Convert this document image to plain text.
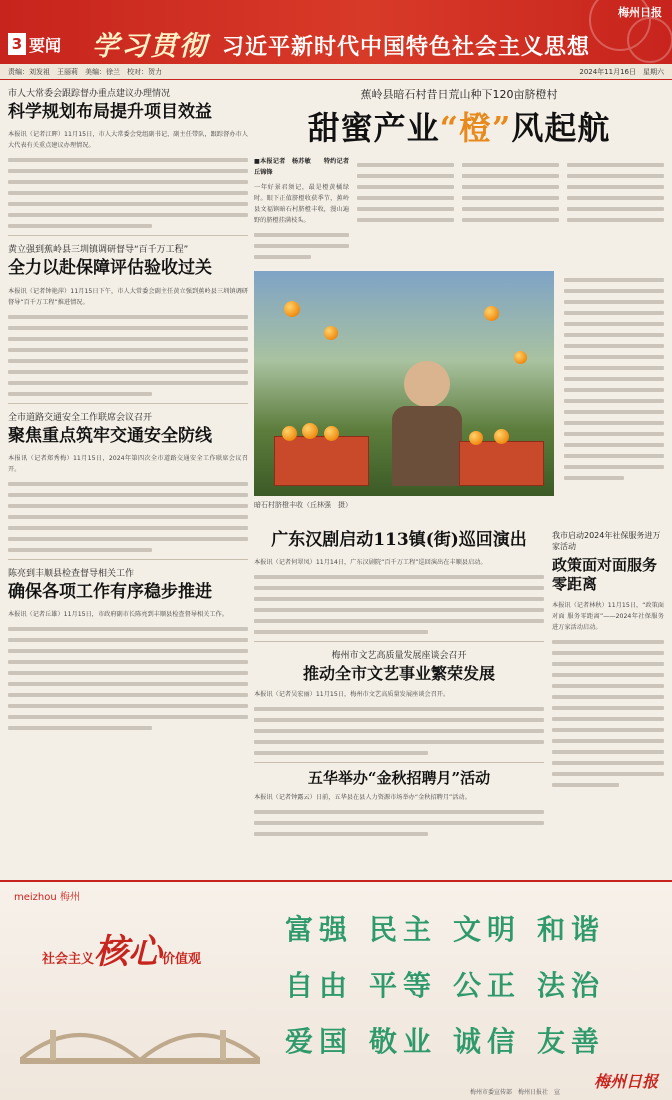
3 要闻 学习贯彻 习近平新时代中国特色社会主义思想
梅州日报
责编：刘发祖　王丽莉　美编：徐兰　校对：贺力	2024年11月16日　星期六
市人大常委会跟踪督办重点建议办理情况
科学规划布局提升项目效益
本报讯（记者江晖）11月15日，市人大常委会党组副书记、副主任带队，跟踪督办市人大代表有关重点建议办理情况。
黄立强到蕉岭县三圳镇调研督导“百千万工程”
全力以赴保障评估验收过关
本报讯（记者钟艳萍）11月15日下午，市人大常委会副主任黄立强到蕉岭县三圳镇调研督导“百千万工程”推进情况。
全市道路交通安全工作联席会议召开
聚焦重点筑牢交通安全防线
本报讯（记者郑秀梅）11月15日，2024年第四次全市道路交通安全工作联席会议召开。
陈亮到丰顺县检查督导相关工作
确保各项工作有序稳步推进
本报讯（记者丘雄）11月15日，市政府副市长陈亮到丰顺县检查督导相关工作。
蕉岭县暗石村昔日荒山种下120亩脐橙村
甜蜜产业“橙”风起航
■本报记者　杨苏敏　　特约记者　丘锦锋
一年好景君须记，最是橙黄橘绿时。眼下正值脐橙收获季节，蕉岭县文福镇暗石村脐橙丰收，漫山遍野的脐橙挂满枝头。
暗石村脐橙丰收（丘林强　摄）
广东汉剧启动113镇(街)巡回演出
本报讯（记者何翠凤）11月14日，广东汉剧院“百千万工程”巡回演出在丰顺县启动。
梅州市文艺高质量发展座谈会召开
推动全市文艺事业繁荣发展
本报讯（记者吴宏丽）11月15日，梅州市文艺高质量发展座谈会召开。
五华举办“金秋招聘月”活动
本报讯（记者钟露云）日前，五华县在县人力资源市场举办“金秋招聘月”活动。
我市启动2024年社保服务进万家活动
政策面对面服务零距离
本报讯（记者林秋）11月15日，“政策面对面 服务零距离”——2024年社保服务进万家活动启动。
meizhou 梅州
社会主义核心价值观
富强 民主 文明 和谐
自由 平等 公正 法治
爱国 敬业 诚信 友善
梅州市委宣传部　梅州日报社　宣
梅州日报
